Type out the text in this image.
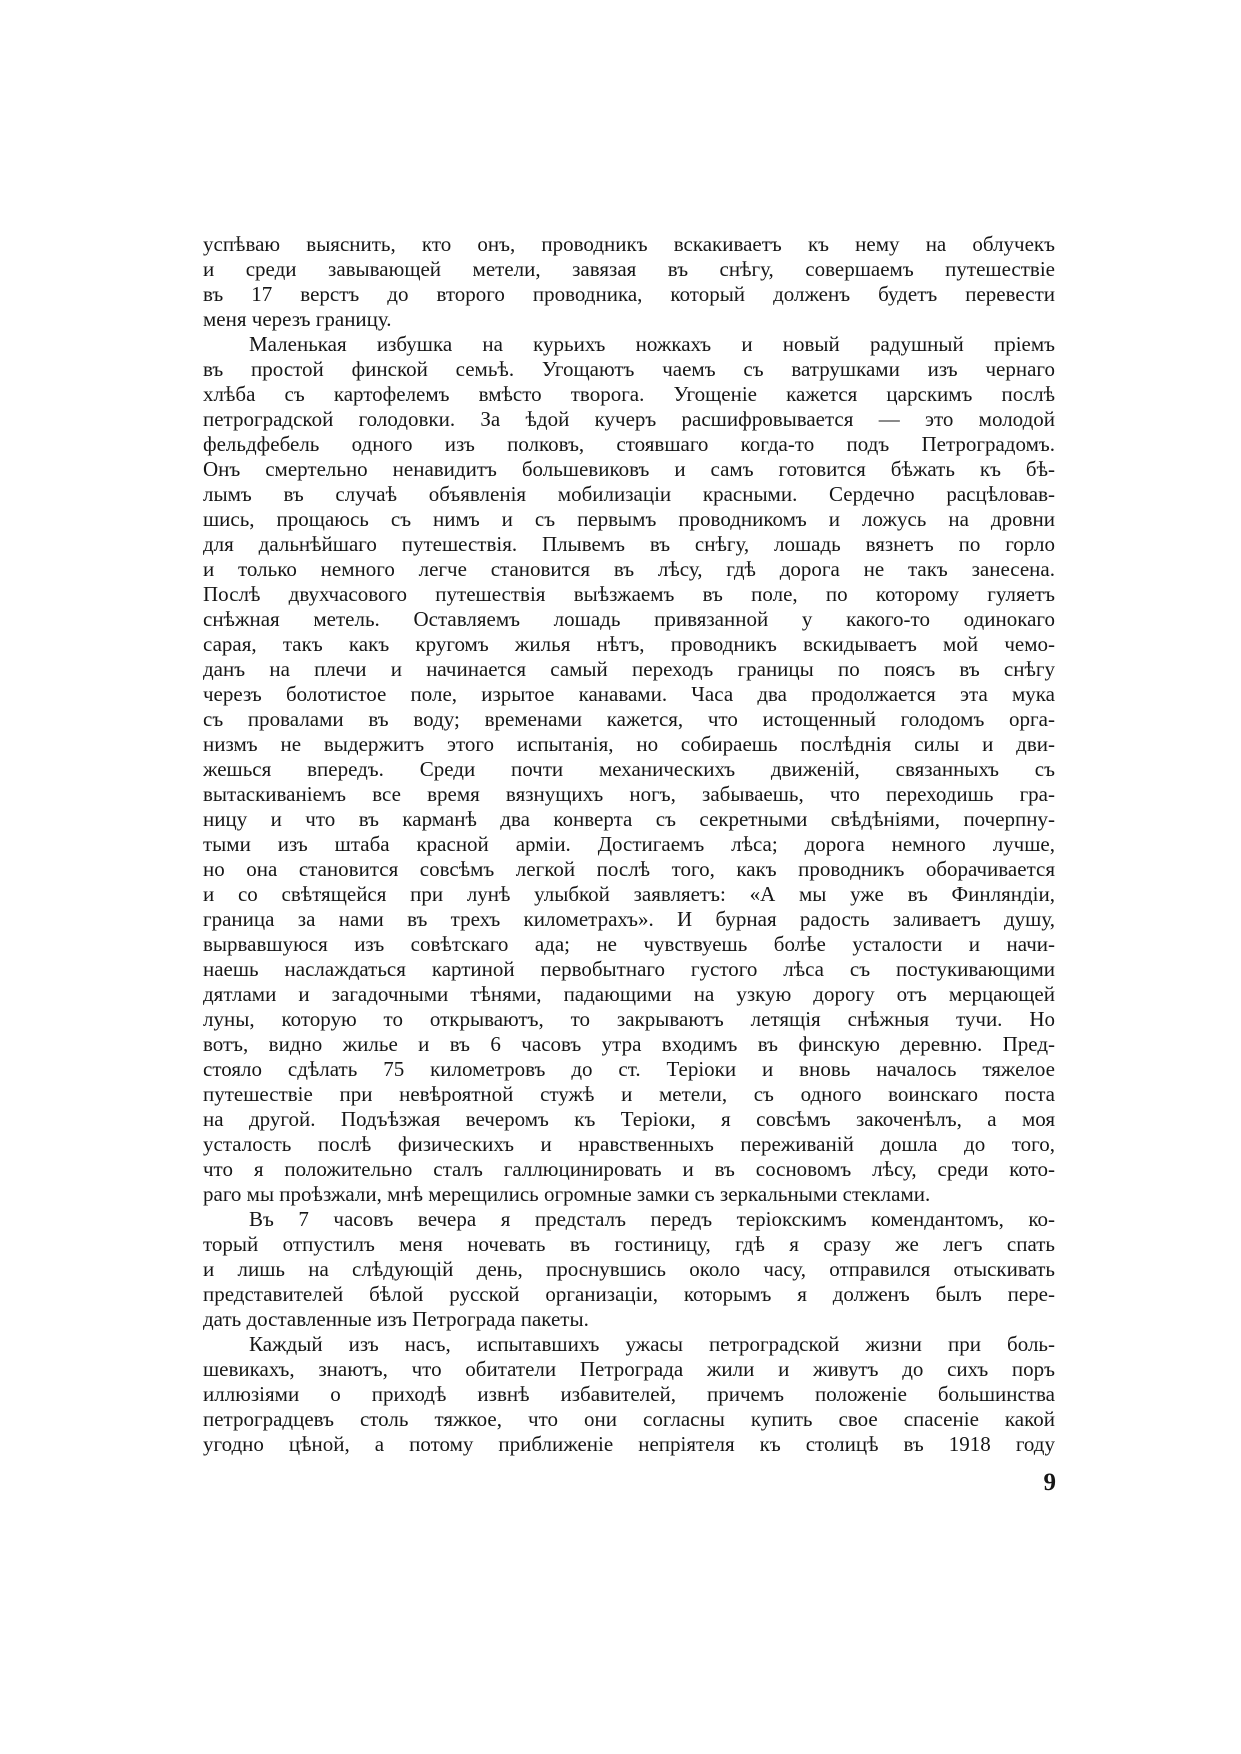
успѣваю выяснить, кто онъ, проводникъ вскакиваетъ къ нему на облучекъ
и среди завывающей метели, завязая въ снѣгу, совершаемъ путешествіе
въ 17 верстъ до второго проводника, который долженъ будетъ перевести
меня черезъ границу.
Маленькая избушка на курьихъ ножкахъ и новый радушный пріемъ
въ простой финской семьѣ. Угощаютъ чаемъ съ ватрушками изъ чернаго
хлѣба съ картофелемъ вмѣсто творога. Угощеніе кажется царскимъ послѣ
петроградской голодовки. За ѣдой кучеръ расшифровывается — это молодой
фельдфебель одного изъ полковъ, стоявшаго когда-то подъ Петроградомъ.
Онъ смертельно ненавидитъ большевиковъ и самъ готовится бѣжать къ бѣ-
лымъ въ случаѣ объявленія мобилизаціи красными. Сердечно расцѣловав-
шись, прощаюсь съ нимъ и съ первымъ проводникомъ и ложусь на дровни
для дальнѣйшаго путешествія. Плывемъ въ снѣгу, лошадь вязнетъ по горло
и только немного легче становится въ лѣсу, гдѣ дорога не такъ занесена.
Послѣ двухчасового путешествія выѣзжаемъ въ поле, по которому гуляетъ
снѣжная метель. Оставляемъ лошадь привязанной у какого-то одинокаго
сарая, такъ какъ кругомъ жилья нѣтъ, проводникъ вскидываетъ мой чемо-
данъ на плечи и начинается самый переходъ границы по поясъ въ снѣгу
черезъ болотистое поле, изрытое канавами. Часа два продолжается эта мука
съ провалами въ воду; временами кажется, что истощенный голодомъ орга-
низмъ не выдержитъ этого испытанія, но собираешь послѣднія силы и дви-
жешься впередъ. Среди почти механическихъ движеній, связанныхъ съ
вытаскиваніемъ все время вязнущихъ ногъ, забываешь, что переходишь гра-
ницу и что въ карманѣ два конверта съ секретными свѣдѣніями, почерпну-
тыми изъ штаба красной арміи. Достигаемъ лѣса; дорога немного лучше,
но она становится совсѣмъ легкой послѣ того, какъ проводникъ оборачивается
и со свѣтящейся при лунѣ улыбкой заявляетъ: «А мы уже въ Финляндіи,
граница за нами въ трехъ километрахъ». И бурная радость заливаетъ душу,
вырвавшуюся изъ совѣтскаго ада; не чувствуешь болѣе усталости и начи-
наешь наслаждаться картиной первобытнаго густого лѣса съ постукивающими
дятлами и загадочными тѣнями, падающими на узкую дорогу отъ мерцающей
луны, которую то открываютъ, то закрываютъ летящія снѣжныя тучи. Но
вотъ, видно жилье и въ 6 часовъ утра входимъ въ финскую деревню. Пред-
стояло сдѣлать 75 километровъ до ст. Теріоки и вновь началось тяжелое
путешествіе при невѣроятной стужѣ и метели, съ одного воинскаго поста
на другой. Подъѣзжая вечеромъ къ Теріоки, я совсѣмъ закоченѣлъ, а моя
усталость послѣ физическихъ и нравственныхъ переживаній дошла до того,
что я положительно сталъ галлюцинировать и въ сосновомъ лѣсу, среди кото-
раго мы проѣзжали, мнѣ мерещились огромные замки съ зеркальными стеклами.
Въ 7 часовъ вечера я предсталъ передъ теріокскимъ комендантомъ, ко-
торый отпустилъ меня ночевать въ гостиницу, гдѣ я сразу же легъ спать
и лишь на слѣдующій день, проснувшись около часу, отправился отыскивать
представителей бѣлой русской организаціи, которымъ я долженъ былъ пере-
дать доставленные изъ Петрограда пакеты.
Каждый изъ насъ, испытавшихъ ужасы петроградской жизни при боль-
шевикахъ, знаютъ, что обитатели Петрограда жили и живутъ до сихъ поръ
иллюзіями о приходѣ извнѣ избавителей, причемъ положеніе большинства
петроградцевъ столь тяжкое, что они согласны купить свое спасеніе какой
угодно цѣной, а потому приближеніе непріятеля къ столицѣ въ 1918 году
9
